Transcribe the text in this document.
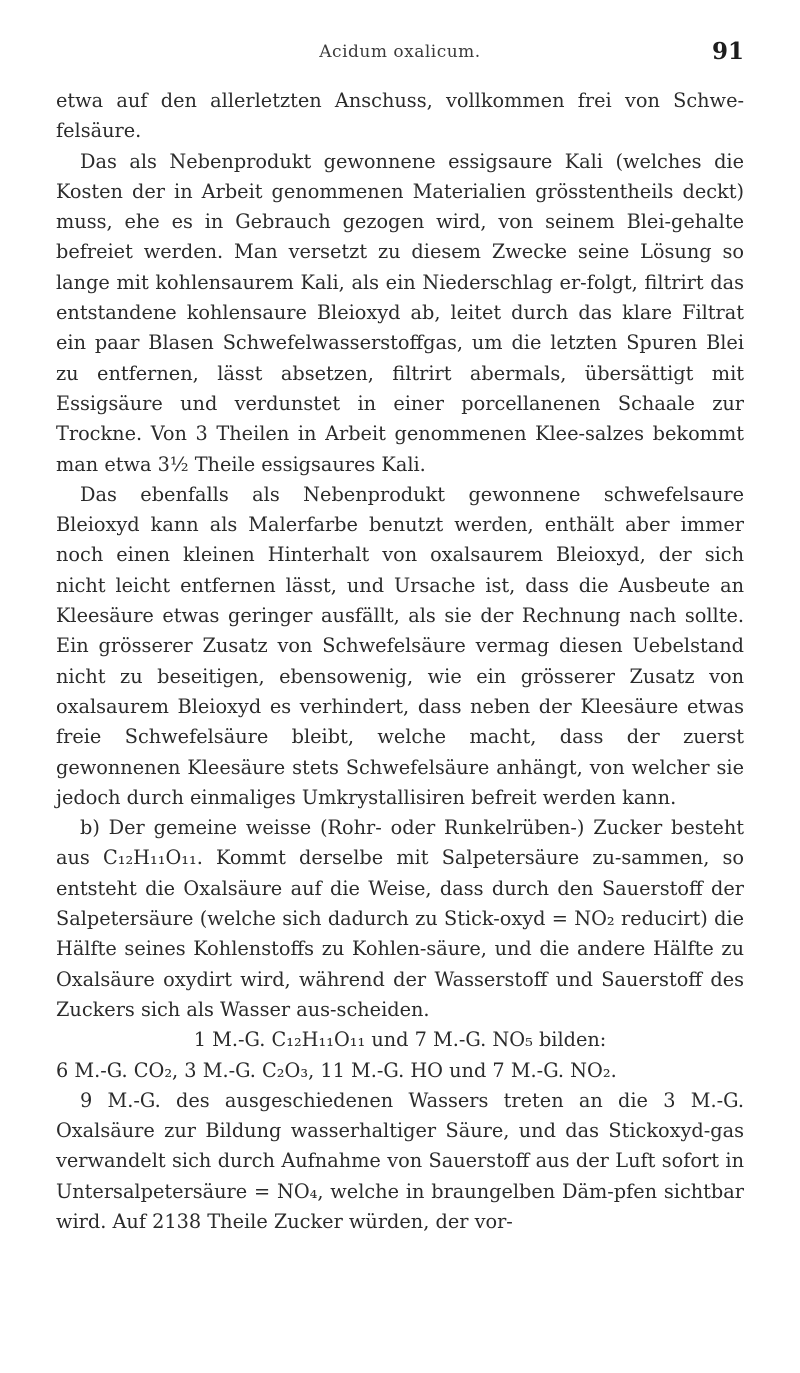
Acidum oxalicum.	91

etwa auf den allerletzten Anschuss, vollkommen frei von Schwe-felsäure.

Das als Nebenprodukt gewonnene essigsaure Kali (welches die Kosten der in Arbeit genommenen Materialien grösstentheils deckt) muss, ehe es in Gebrauch gezogen wird, von seinem Blei-gehalte befreiet werden. Man versetzt zu diesem Zwecke seine Lösung so lange mit kohlensaurem Kali, als ein Niederschlag er-folgt, filtrirt das entstandene kohlensaure Bleioxyd ab, leitet durch das klare Filtrat ein paar Blasen Schwefelwasserstoffgas, um die letzten Spuren Blei zu entfernen, lässt absetzen, filtrirt abermals, übersättigt mit Essigsäure und verdunstet in einer porcellanenen Schaale zur Trockne. Von 3 Theilen in Arbeit genommenen Klee-salzes bekommt man etwa 3½ Theile essigsaures Kali.

Das ebenfalls als Nebenprodukt gewonnene schwefelsaure Bleioxyd kann als Malerfarbe benutzt werden, enthält aber immer noch einen kleinen Hinterhalt von oxalsaurem Bleioxyd, der sich nicht leicht entfernen lässt, und Ursache ist, dass die Ausbeute an Kleesäure etwas geringer ausfällt, als sie der Rechnung nach sollte. Ein grösserer Zusatz von Schwefelsäure vermag diesen Uebelstand nicht zu beseitigen, ebensowenig, wie ein grösserer Zusatz von oxalsaurem Bleioxyd es verhindert, dass neben der Kleesäure etwas freie Schwefelsäure bleibt, welche macht, dass der zuerst gewonnenen Kleesäure stets Schwefelsäure anhängt, von welcher sie jedoch durch einmaliges Umkrystallisiren befreit werden kann.

b) Der gemeine weisse (Rohr- oder Runkelrüben-) Zucker besteht aus C₁₂H₁₁O₁₁. Kommt derselbe mit Salpetersäure zu-sammen, so entsteht die Oxalsäure auf die Weise, dass durch den Sauerstoff der Salpetersäure (welche sich dadurch zu Stick-oxyd = NO₂ reducirt) die Hälfte seines Kohlenstoffs zu Kohlen-säure, und die andere Hälfte zu Oxalsäure oxydirt wird, während der Wasserstoff und Sauerstoff des Zuckers sich als Wasser aus-scheiden.

1 M.-G. C₁₂H₁₁O₁₁ und 7 M.-G. NO₅ bilden:

6 M.-G. CO₂, 3 M.-G. C₂O₃, 11 M.-G. HO und 7 M.-G. NO₂.

9 M.-G. des ausgeschiedenen Wassers treten an die 3 M.-G. Oxalsäure zur Bildung wasserhaltiger Säure, und das Stickoxyd-gas verwandelt sich durch Aufnahme von Sauerstoff aus der Luft sofort in Untersalpetersäure = NO₄, welche in braungelben Däm-pfen sichtbar wird. Auf 2138 Theile Zucker würden, der vor-
